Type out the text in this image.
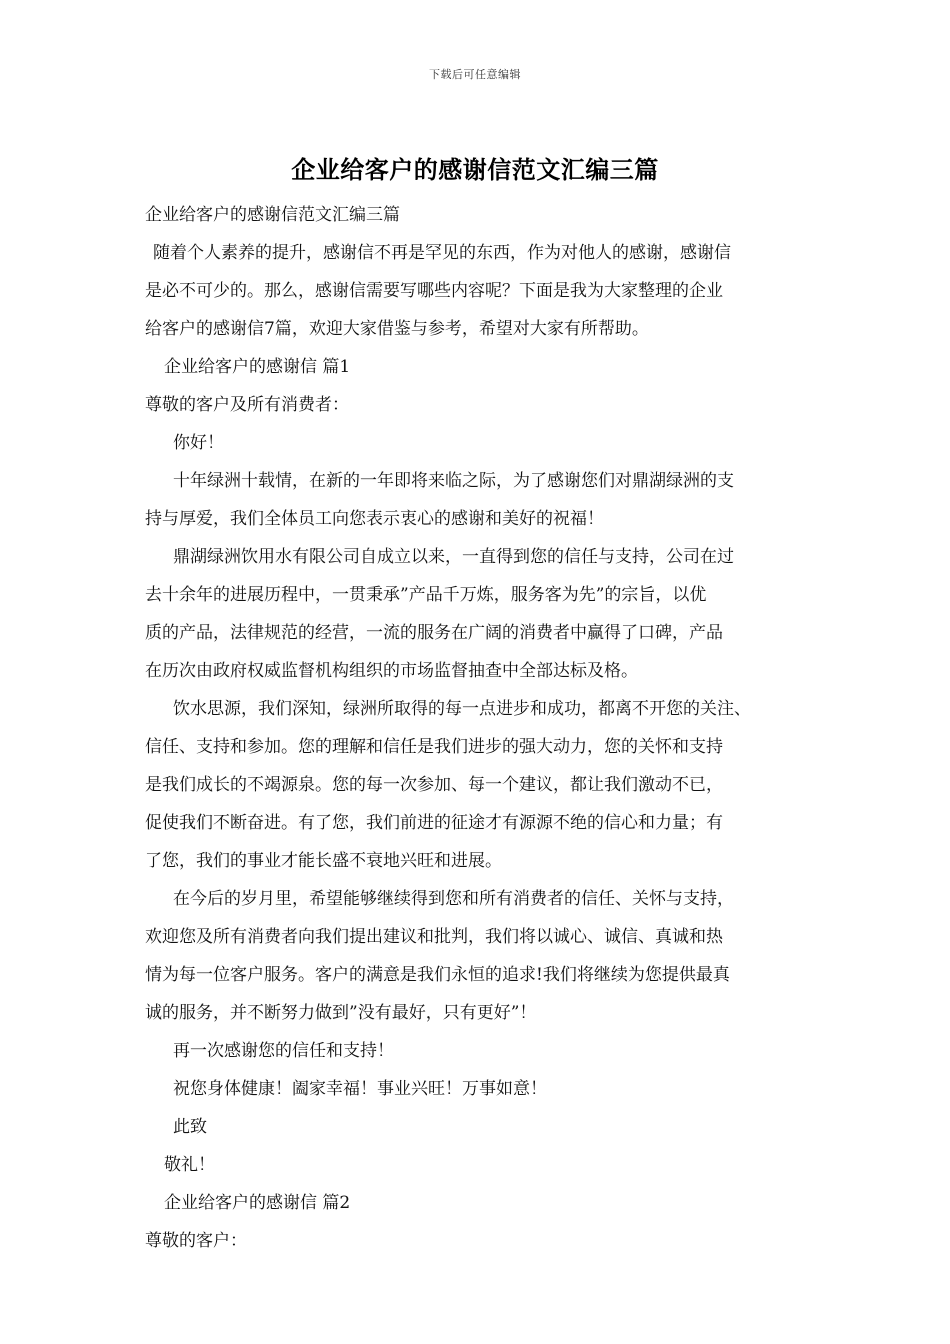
下载后可任意编辑
企业给客户的感谢信范文汇编三篇
企业给客户的感谢信范文汇编三篇
随着个人素养的提升，感谢信不再是罕见的东西，作为对他人的感谢，感谢信
是必不可少的。那么，感谢信需要写哪些内容呢？下面是我为大家整理的企业
给客户的感谢信7篇，欢迎大家借鉴与参考，希望对大家有所帮助。
企业给客户的感谢信 篇1
尊敬的客户及所有消费者：
你好！
十年绿洲十载情，在新的一年即将来临之际，为了感谢您们对鼎湖绿洲的支
持与厚爱，我们全体员工向您表示衷心的感谢和美好的祝福！
鼎湖绿洲饮用水有限公司自成立以来，一直得到您的信任与支持，公司在过
去十余年的进展历程中，一贯秉承”产品千万炼，服务客为先”的宗旨，以优
质的产品，法律规范的经营，一流的服务在广阔的消费者中赢得了口碑，产品
在历次由政府权威监督机构组织的市场监督抽查中全部达标及格。
饮水思源，我们深知，绿洲所取得的每一点进步和成功，都离不开您的关注、
信任、支持和参加。您的理解和信任是我们进步的强大动力，您的关怀和支持
是我们成长的不竭源泉。您的每一次参加、每一个建议，都让我们激动不已，
促使我们不断奋进。有了您，我们前进的征途才有源源不绝的信心和力量；有
了您，我们的事业才能长盛不衰地兴旺和进展。
在今后的岁月里，希望能够继续得到您和所有消费者的信任、关怀与支持，
欢迎您及所有消费者向我们提出建议和批判，我们将以诚心、诚信、真诚和热
情为每一位客户服务。客户的满意是我们永恒的追求!我们将继续为您提供最真
诚的服务，并不断努力做到”没有最好，只有更好”！
再一次感谢您的信任和支持！
祝您身体健康！阖家幸福！事业兴旺！万事如意！
此致
敬礼！
企业给客户的感谢信 篇2
尊敬的客户：
